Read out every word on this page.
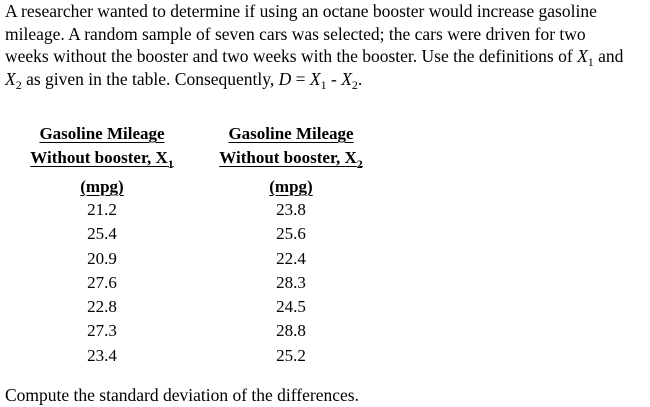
A researcher wanted to determine if using an octane booster would increase gasoline

mileage. A random sample of seven cars was selected; the cars were driven for two

weeks without the booster and two weeks with the booster. Use the definitions of $X_1$ and

$X_2$ as given in the table. Consequently, $D = X_1 - X_2$.

Gasoline Mileage
Without booster, $X_1$
(mpg)
21.2
25.4
20.9
27.6
22.8
27.3
23.4
Gasoline Mileage
Without booster, $X_2$
(mpg)
23.8
25.6
22.4
28.3
24.5
28.8
25.2
Compute the standard deviation of the differences.
